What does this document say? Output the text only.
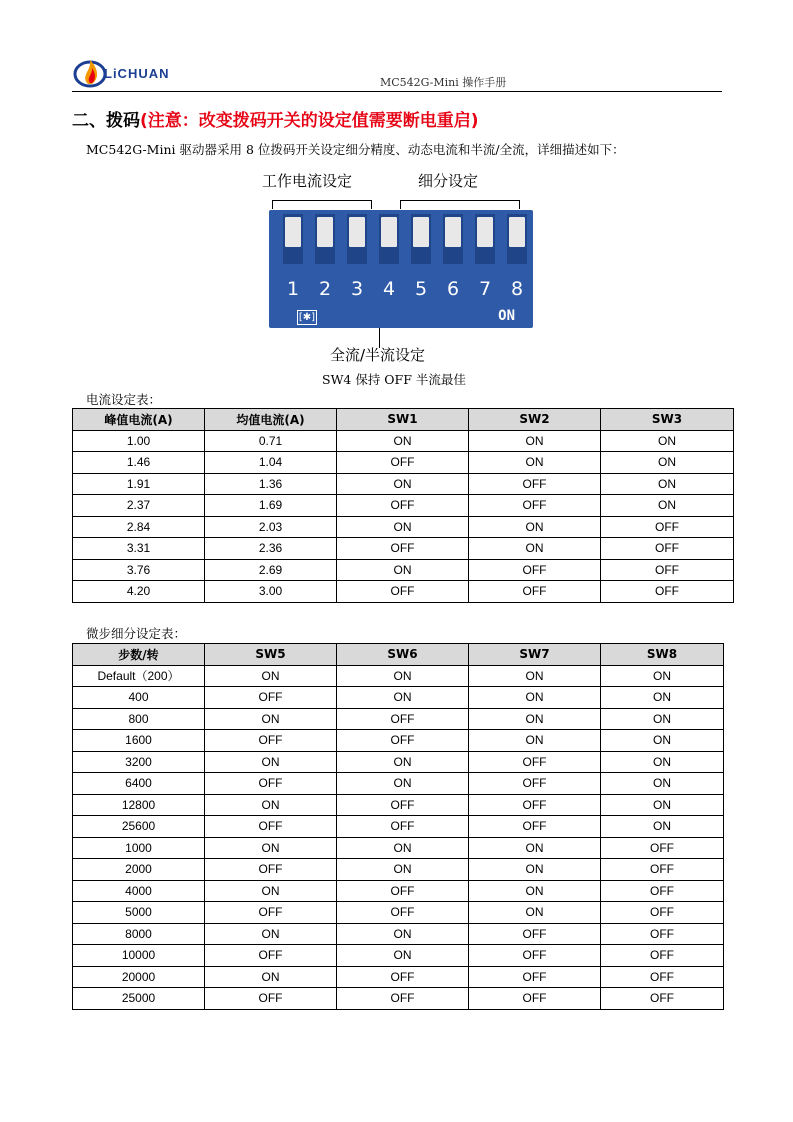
LiCHUAN
MC542G-Mini 操作手册
二、拨码(注意：改变拨码开关的设定值需要断电重启)
MC542G-Mini 驱动器采用 8 位拨码开关设定细分精度、动态电流和半流/全流，详细描述如下：
工作电流设定	细分设定
1 2 3 4 5 6 7 8
[✱]	ON
全流/半流设定
SW4 保持 OFF 半流最佳
电流设定表：
峰值电流(A)	均值电流(A)	SW1	SW2	SW3
1.00	0.71	ON	ON	ON
1.46	1.04	OFF	ON	ON
1.91	1.36	ON	OFF	ON
2.37	1.69	OFF	OFF	ON
2.84	2.03	ON	ON	OFF
3.31	2.36	OFF	ON	OFF
3.76	2.69	ON	OFF	OFF
4.20	3.00	OFF	OFF	OFF
微步细分设定表：
步数/转	SW5	SW6	SW7	SW8
Default（200）	ON	ON	ON	ON
400	OFF	ON	ON	ON
800	ON	OFF	ON	ON
1600	OFF	OFF	ON	ON
3200	ON	ON	OFF	ON
6400	OFF	ON	OFF	ON
12800	ON	OFF	OFF	ON
25600	OFF	OFF	OFF	ON
1000	ON	ON	ON	OFF
2000	OFF	ON	ON	OFF
4000	ON	OFF	ON	OFF
5000	OFF	OFF	ON	OFF
8000	ON	ON	OFF	OFF
10000	OFF	ON	OFF	OFF
20000	ON	OFF	OFF	OFF
25000	OFF	OFF	OFF	OFF
